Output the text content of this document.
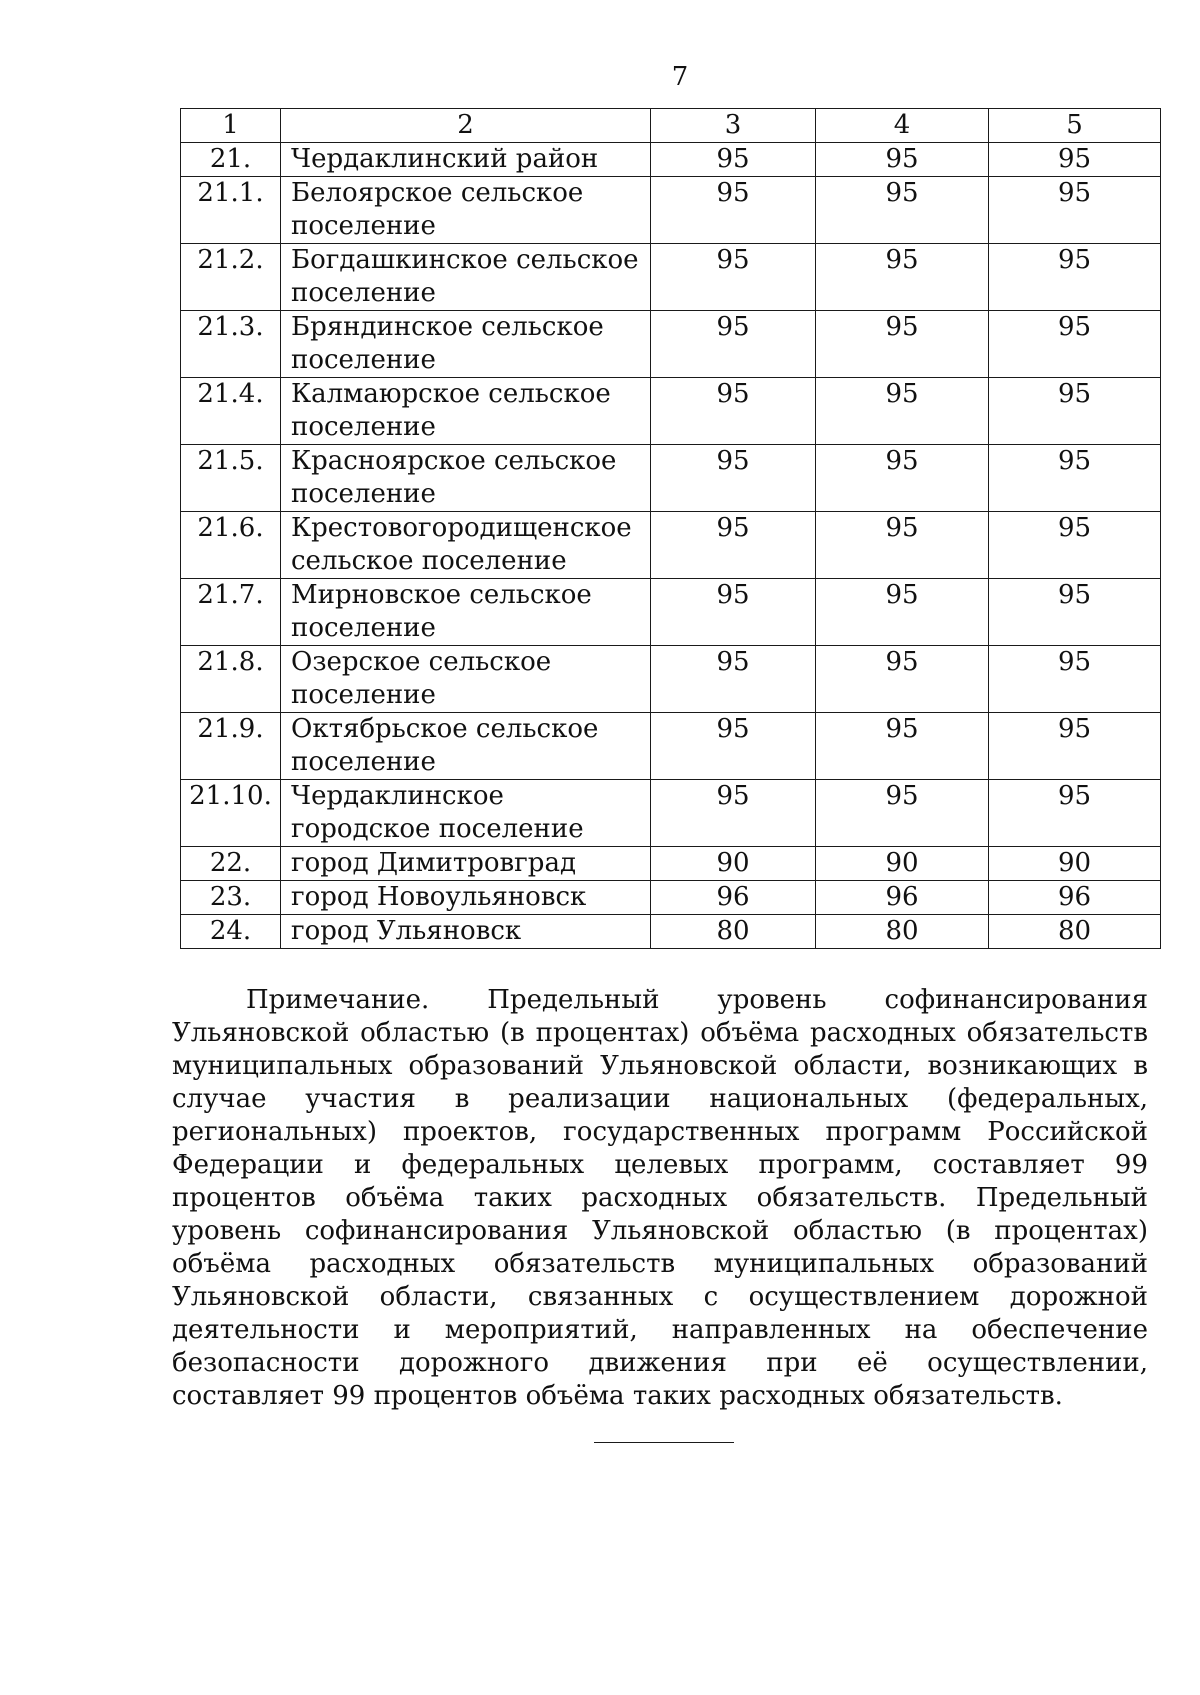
7
1	2	3	4	5
21.	Чердаклинский район	95	95	95
21.1.	Белоярское сельское поселение	95	95	95
21.2.	Богдашкинское сельское поселение	95	95	95
21.3.	Бряндинское сельское поселение	95	95	95
21.4.	Калмаюрское сельское поселение	95	95	95
21.5.	Красноярское сельское поселение	95	95	95
21.6.	Крестовогородищенское сельское поселение	95	95	95
21.7.	Мирновское сельское поселение	95	95	95
21.8.	Озерское сельское поселение	95	95	95
21.9.	Октябрьское сельское поселение	95	95	95
21.10.	Чердаклинское городское поселение	95	95	95
22.	город Димитровград	90	90	90
23.	город Новоульяновск	96	96	96
24.	город Ульяновск	80	80	80
Примечание. Предельный уровень софинансирования Ульяновской областью (в процентах) объёма расходных обязательств муниципальных образований Ульяновской области, возникающих в случае участия в реализации национальных (федеральных, региональных) проектов, государственных программ Российской Федерации и федеральных целевых программ, составляет 99 процентов объёма таких расходных обязательств. Предельный уровень софинансирования Ульяновской областью (в процентах) объёма расходных обязательств муниципальных образований Ульяновской области, связанных с осуществлением дорожной деятельности и мероприятий, направленных на обеспечение безопасности дорожного движения при её осуществлении, составляет 99 процентов объёма таких расходных обязательств.
